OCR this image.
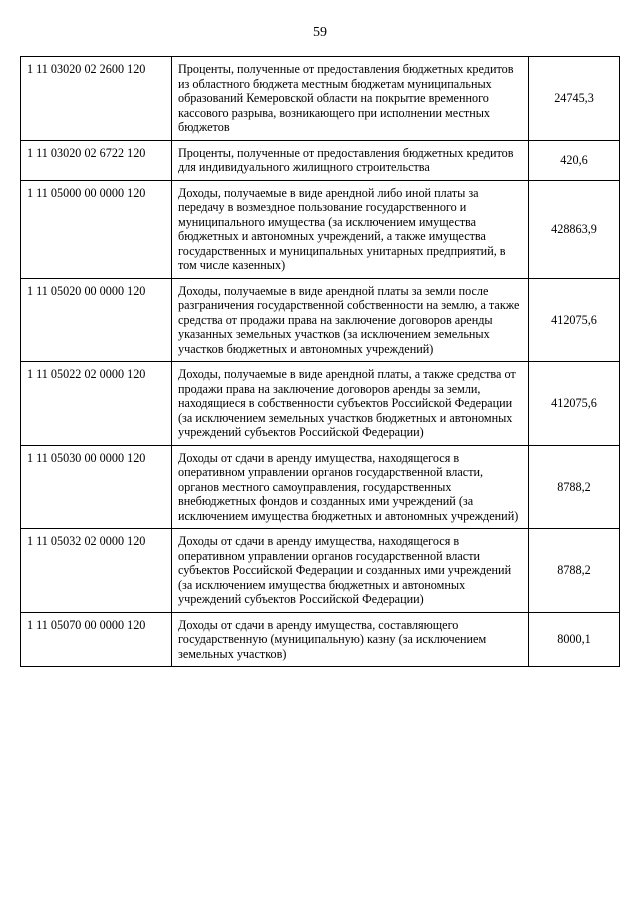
59
1 11 03020 02 2600 120	Проценты, полученные от предоставления бюджетных кредитов из областного бюджета местным бюджетам муниципальных образований Кемеровской области на покрытие временного кассового разрыва, возникающего при исполнении местных бюджетов	24745,3
1 11 03020 02 6722 120	Проценты, полученные от предоставления бюджетных кредитов для индивидуального жилищного строительства	420,6
1 11 05000 00 0000 120	Доходы, получаемые в виде арендной либо иной платы за передачу в возмездное пользование государственного и муниципального имущества (за исключением имущества бюджетных и автономных учреждений, а также имущества государственных и муниципальных унитарных предприятий, в том числе казенных)	428863,9
1 11 05020 00 0000 120	Доходы, получаемые в виде арендной платы за земли после разграничения государственной собственности на землю, а также средства от продажи права на заключение договоров аренды указанных земельных участков (за исключением земельных участков бюджетных и автономных учреждений)	412075,6
1 11 05022 02 0000 120	Доходы, получаемые в виде арендной платы, а также средства от продажи права на заключение договоров аренды за земли, находящиеся в собственности субъектов Российской Федерации (за исключением земельных участков бюджетных и автономных учреждений субъектов Российской Федерации)	412075,6
1 11 05030 00 0000 120	Доходы от сдачи в аренду имущества, находящегося в оперативном управлении органов государственной власти, органов местного самоуправления, государственных внебюджетных фондов и созданных ими учреждений (за исключением имущества бюджетных и автономных учреждений)	8788,2
1 11 05032 02 0000 120	Доходы от сдачи в аренду имущества, находящегося в оперативном управлении органов государственной власти субъектов Российской Федерации и созданных ими учреждений (за исключением имущества бюджетных и автономных учреждений субъектов Российской Федерации)	8788,2
1 11 05070 00 0000 120	Доходы от сдачи в аренду имущества, составляющего государственную (муниципальную) казну (за исключением земельных участков)	8000,1
